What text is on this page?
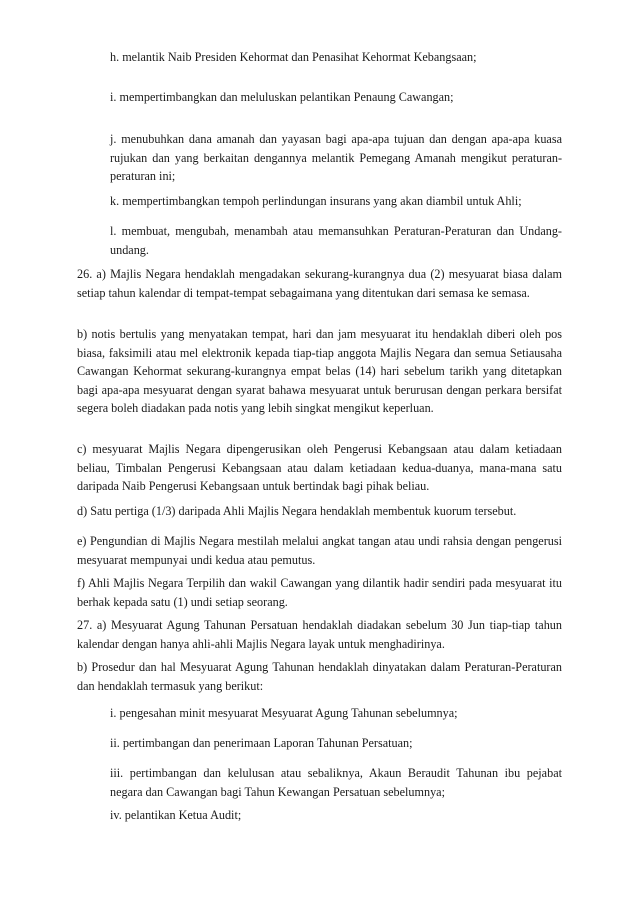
h. melantik Naib Presiden Kehormat dan Penasihat Kehormat Kebangsaan;

i. mempertimbangkan dan meluluskan pelantikan Penaung Cawangan;

j. menubuhkan dana amanah dan yayasan bagi apa-apa tujuan dan dengan apa-apa kuasa rujukan dan yang berkaitan dengannya melantik Pemegang Amanah mengikut peraturan-peraturan ini;

k. mempertimbangkan tempoh perlindungan insurans yang akan diambil untuk Ahli;

l. membuat, mengubah, menambah atau memansuhkan Peraturan-Peraturan dan Undang-undang.

26. a) Majlis Negara hendaklah mengadakan sekurang-kurangnya dua (2) mesyuarat biasa dalam setiap tahun kalendar di tempat-tempat sebagaimana yang ditentukan dari semasa ke semasa.

b) notis bertulis yang menyatakan tempat, hari dan jam mesyuarat itu hendaklah diberi oleh pos biasa, faksimili atau mel elektronik kepada tiap-tiap anggota Majlis Negara dan semua Setiausaha Cawangan Kehormat sekurang-kurangnya empat belas (14) hari sebelum tarikh yang ditetapkan bagi apa-apa mesyuarat dengan syarat bahawa mesyuarat untuk berurusan dengan perkara bersifat segera boleh diadakan pada notis yang lebih singkat mengikut keperluan.

c) mesyuarat Majlis Negara dipengerusikan oleh Pengerusi Kebangsaan atau dalam ketiadaan beliau, Timbalan Pengerusi Kebangsaan atau dalam ketiadaan kedua-duanya, mana-mana satu daripada Naib Pengerusi Kebangsaan untuk bertindak bagi pihak beliau.

d) Satu pertiga (1/3) daripada Ahli Majlis Negara hendaklah membentuk kuorum tersebut.

e) Pengundian di Majlis Negara mestilah melalui angkat tangan atau undi rahsia dengan pengerusi mesyuarat mempunyai undi kedua atau pemutus.

f) Ahli Majlis Negara Terpilih dan wakil Cawangan yang dilantik hadir sendiri pada mesyuarat itu berhak kepada satu (1) undi setiap seorang.

27. a) Mesyuarat Agung Tahunan Persatuan hendaklah diadakan sebelum 30 Jun tiap-tiap tahun kalendar dengan hanya ahli-ahli Majlis Negara layak untuk menghadirinya.

b) Prosedur dan hal Mesyuarat Agung Tahunan hendaklah dinyatakan dalam Peraturan-Peraturan dan hendaklah termasuk yang berikut:

i. pengesahan minit mesyuarat Mesyuarat Agung Tahunan sebelumnya;

ii. pertimbangan dan penerimaan Laporan Tahunan Persatuan;

iii. pertimbangan dan kelulusan atau sebaliknya, Akaun Beraudit Tahunan ibu pejabat negara dan Cawangan bagi Tahun Kewangan Persatuan sebelumnya;

iv. pelantikan Ketua Audit;
